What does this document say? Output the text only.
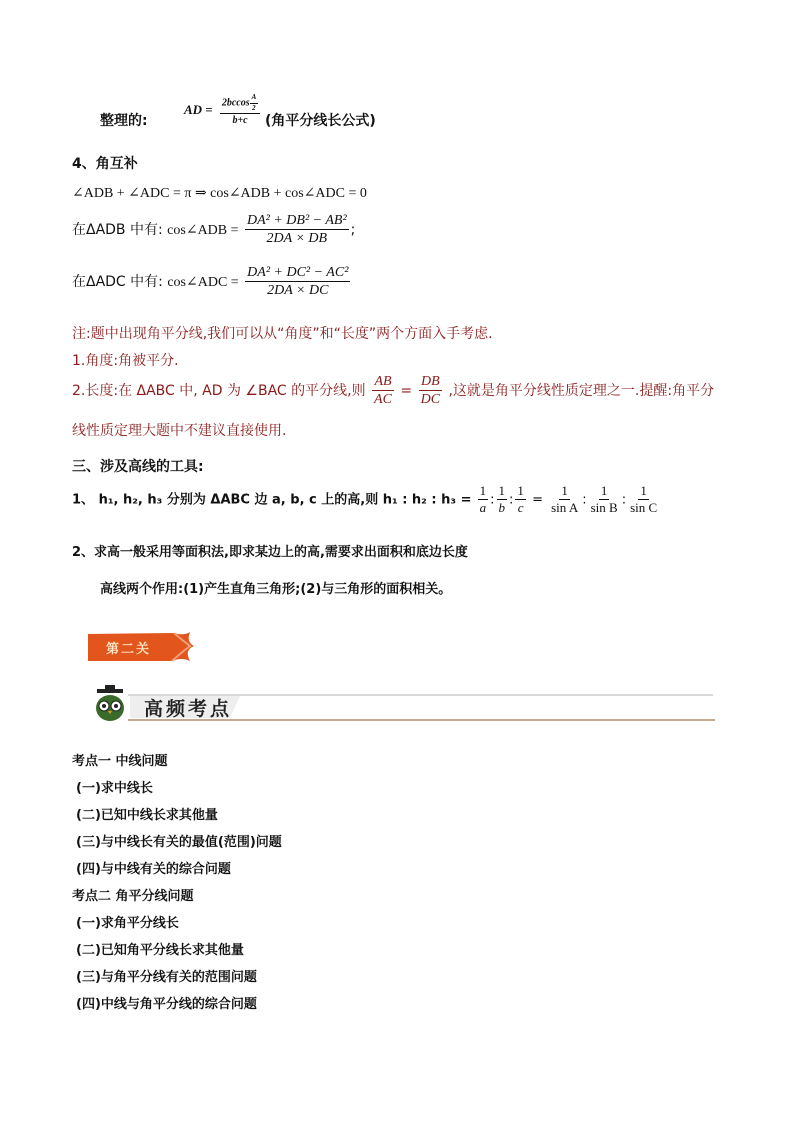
整理的:
AD = $\frac{2bccos \frac{A}{2}}{b+c}$ (角平分线长公式)
4、角互补
∠ADB + ∠ADC = π ⇒ cos∠ADB + cos∠ADC = 0
在ΔADB 中有: cos∠ADB = $\frac{\text{DA² + DB² − AB²}}{2DA \times DB}$ ;
在ΔADC 中有: cos∠ADC = $\frac{\text{DA² + DC² − AC²}}{2DA \times DC}$
注:题中出现角平分线,我们可以从“角度”和“长度”两个方面入手考虑.
1.角度:角被平分.
2.长度:在 ΔABC 中, AD 为 ∠BAC 的平分线,则 $\frac{AB}{AC} = \frac{DB}{DC}$ ,这就是角平分线性质定理之一.提醒:角平分
线性质定理大题中不建议直接使用.
三、涉及高线的工具:
1、 h₁, h₂, h₃ 分别为 ΔABC 边 a, b, c 上的高,则 h₁ : h₂ : $h_3 = \frac{1}{a}$ : $\frac{1}{b}$ : $\frac{1}{c} = \frac{1}{\text{sin A}}$ : $\frac{1}{\text{sin B}}$ : $\frac{1}{\text{sin C}}$
2、求高一般采用等面积法,即求某边上的高,需要求出面积和底边长度
高线两个作用:(1)产生直角三角形;(2)与三角形的面积相关。
第二关
高频考点
考点一 中线问题
(一)求中线长
(二)已知中线长求其他量
(三)与中线长有关的最值(范围)问题
(四)与中线有关的综合问题
考点二 角平分线问题
(一)求角平分线长
(二)已知角平分线长求其他量
(三)与角平分线有关的范围问题
(四)中线与角平分线的综合问题
